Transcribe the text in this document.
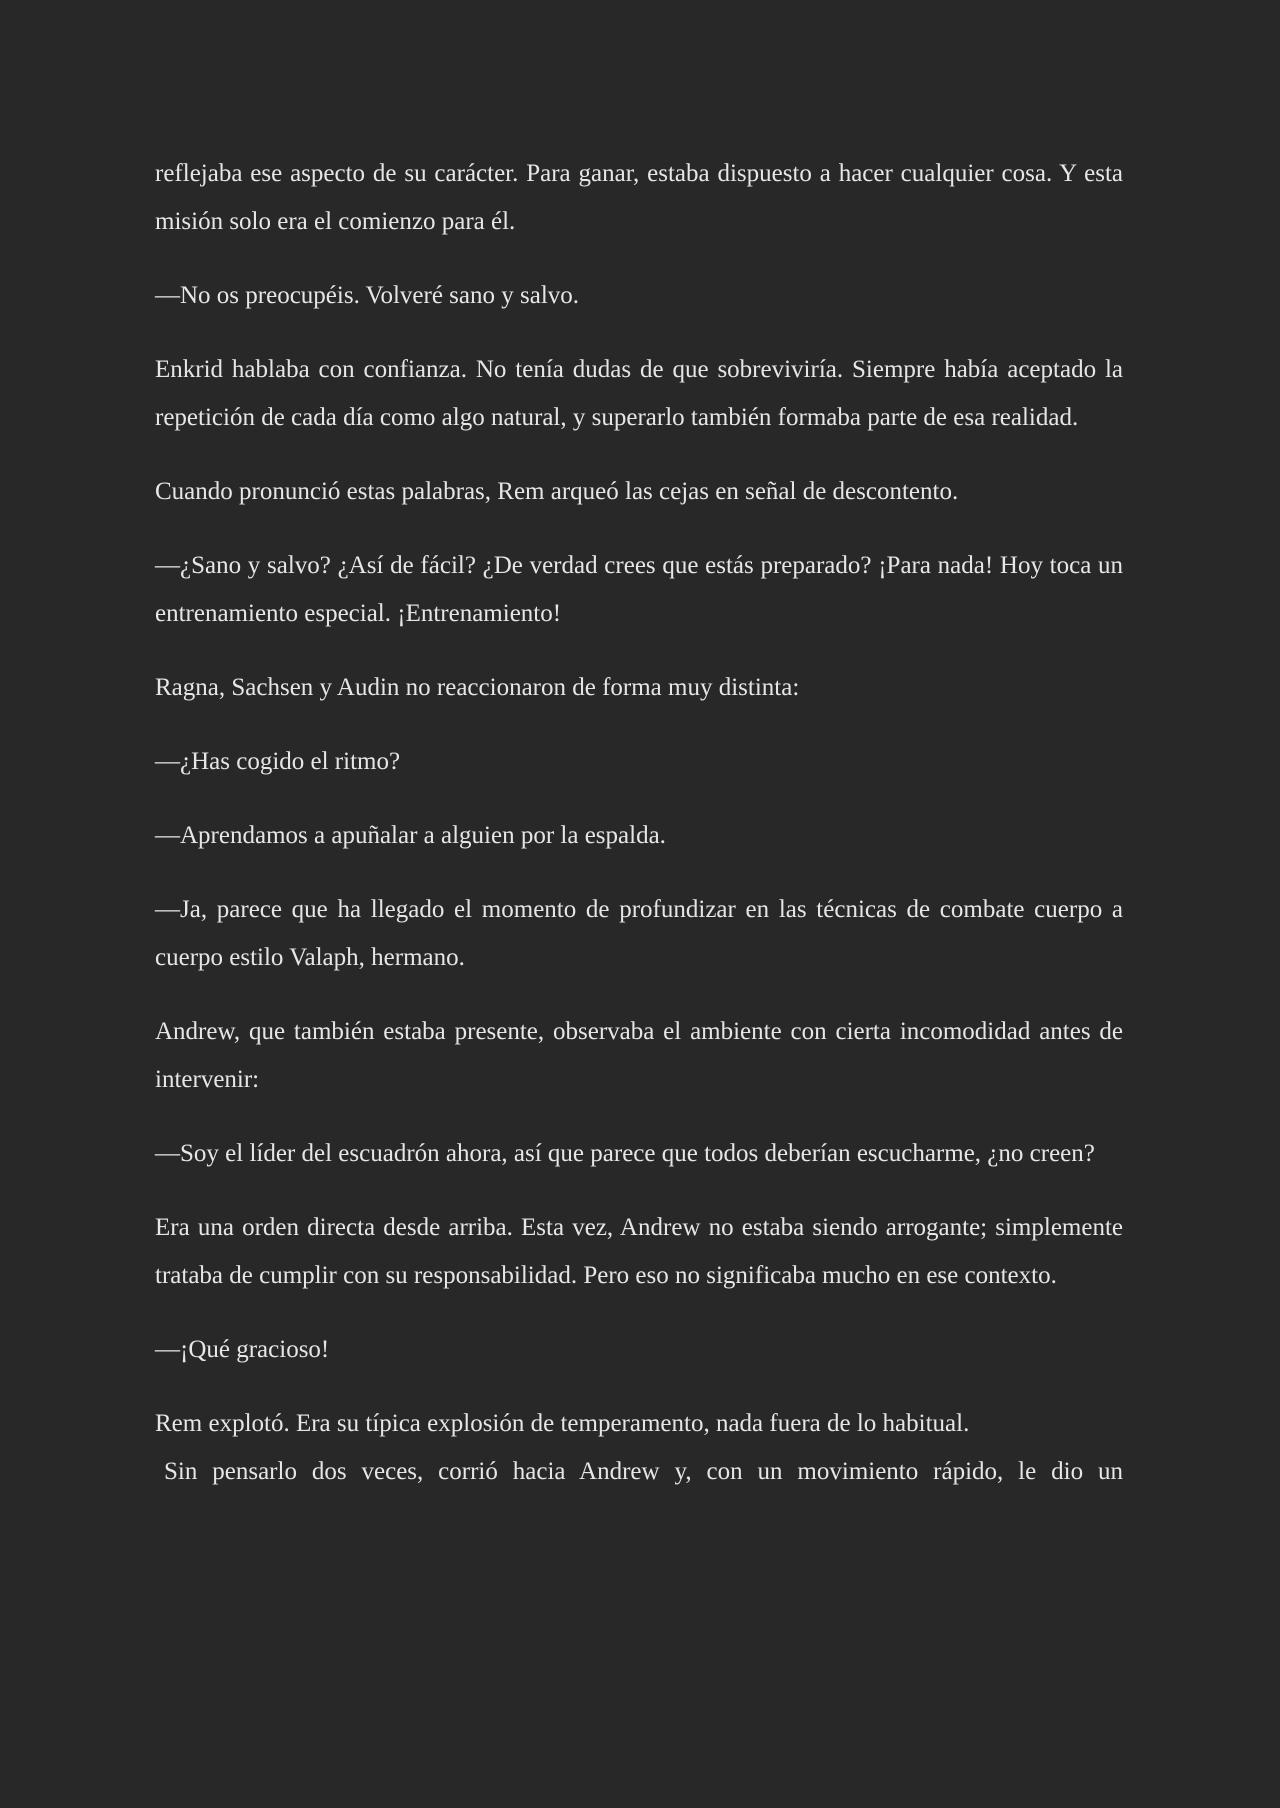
reflejaba ese aspecto de su carácter. Para ganar, estaba dispuesto a hacer cualquier cosa. Y esta misión solo era el comienzo para él.

—No os preocupéis. Volveré sano y salvo.

Enkrid hablaba con confianza. No tenía dudas de que sobreviviría. Siempre había aceptado la repetición de cada día como algo natural, y superarlo también formaba parte de esa realidad.

Cuando pronunció estas palabras, Rem arqueó las cejas en señal de descontento.

—¿Sano y salvo? ¿Así de fácil? ¿De verdad crees que estás preparado? ¡Para nada! Hoy toca un entrenamiento especial. ¡Entrenamiento!

Ragna, Sachsen y Audin no reaccionaron de forma muy distinta:

—¿Has cogido el ritmo?

—Aprendamos a apuñalar a alguien por la espalda.

—Ja, parece que ha llegado el momento de profundizar en las técnicas de combate cuerpo a cuerpo estilo Valaph, hermano.

Andrew, que también estaba presente, observaba el ambiente con cierta incomodidad antes de intervenir:

—Soy el líder del escuadrón ahora, así que parece que todos deberían escucharme, ¿no creen?

Era una orden directa desde arriba. Esta vez, Andrew no estaba siendo arrogante; simplemente trataba de cumplir con su responsabilidad. Pero eso no significaba mucho en ese contexto.

—¡Qué gracioso!

Rem explotó. Era su típica explosión de temperamento, nada fuera de lo habitual.

Sin pensarlo dos veces, corrió hacia Andrew y, con un movimiento rápido, le dio un
